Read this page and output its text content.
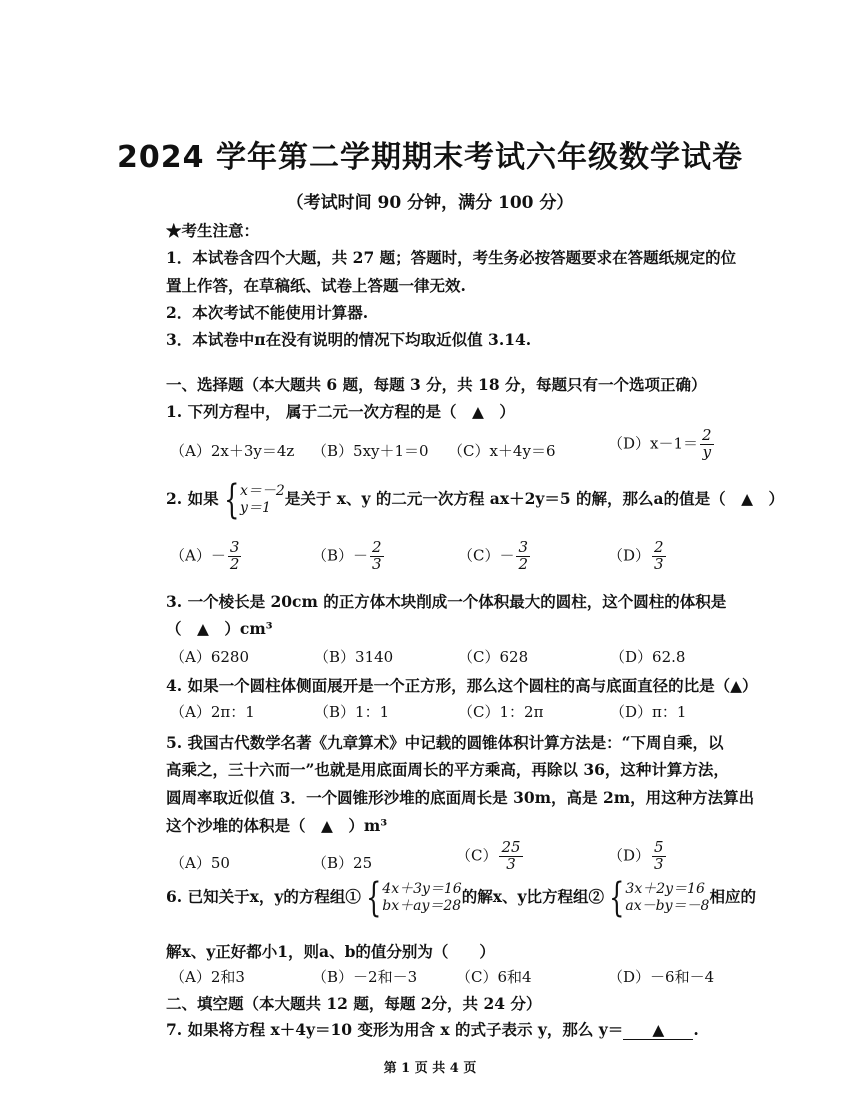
2024 学年第二学期期末考试六年级数学试卷
（考试时间 90 分钟，满分 100 分）
★考生注意：
1．本试卷含四个大题，共 27 题；答题时，考生务必按答题要求在答题纸规定的位
置上作答，在草稿纸、试卷上答题一律无效.
2．本次考试不能使用计算器.
3．本试卷中π在没有说明的情况下均取近似值 3.14.
一、选择题（本大题共 6 题，每题 3 分，共 18 分，每题只有一个选项正确）
1. 下列方程中， 属于二元一次方程的是（　▲　）
（A）2x＋3y＝4z （B）5xy＋1＝0 （C）x＋4y＝6	$(D)x-1= \frac{2}{y}$
2. 如果 { x＝－2
y＝1 是关于 x、y 的二元一次方程 ax＋2y＝5 的解，那么a的值是（　▲　）
$(A)- \frac{3}{2}$	$(B)- \frac{2}{3}$	$(C)- \frac{3}{2}$	$(D) \frac{2}{3}$
3. 一个棱长是 20cm 的正方体木块削成一个体积最大的圆柱，这个圆柱的体积是
（　▲　）cm³
（A）6280	（B）3140	（C）628	（D）62.8
4. 如果一个圆柱体侧面展开是一个正方形，那么这个圆柱的高与底面直径的比是（▲）
（A）2π：1	（B）1：1	（C）1：2π	（D）π：1
5. 我国古代数学名著《九章算术》中记载的圆锥体积计算方法是：“下周自乘，以
高乘之，三十六而一”也就是用底面周长的平方乘高，再除以 36，这种计算方法，
圆周率取近似值 3．一个圆锥形沙堆的底面周长是 30m，高是 2m，用这种方法算出
这个沙堆的体积是（　▲　）m³
（A）50	（B）25	$(C) \frac{25}{3}$	$(D) \frac{5}{3}$
6. 已知关于x，y的方程组① { 4x＋3y＝16
bx＋ay＝28 的解x、y比方程组② { 3x＋2y＝16
ax－by＝－8 相应的
解x、y正好都小1，则a、b的值分别为（　　）
（A）2和3	（B）－2和－3	（C）6和4	（D）－6和－4
二、填空题（本大题共 12 题，每题 2分，共 24 分）
7. 如果将方程 x＋4y＝10 变形为用含 x 的式子表示 y，那么 y＝ ▲ .
第 1 页 共 4 页
